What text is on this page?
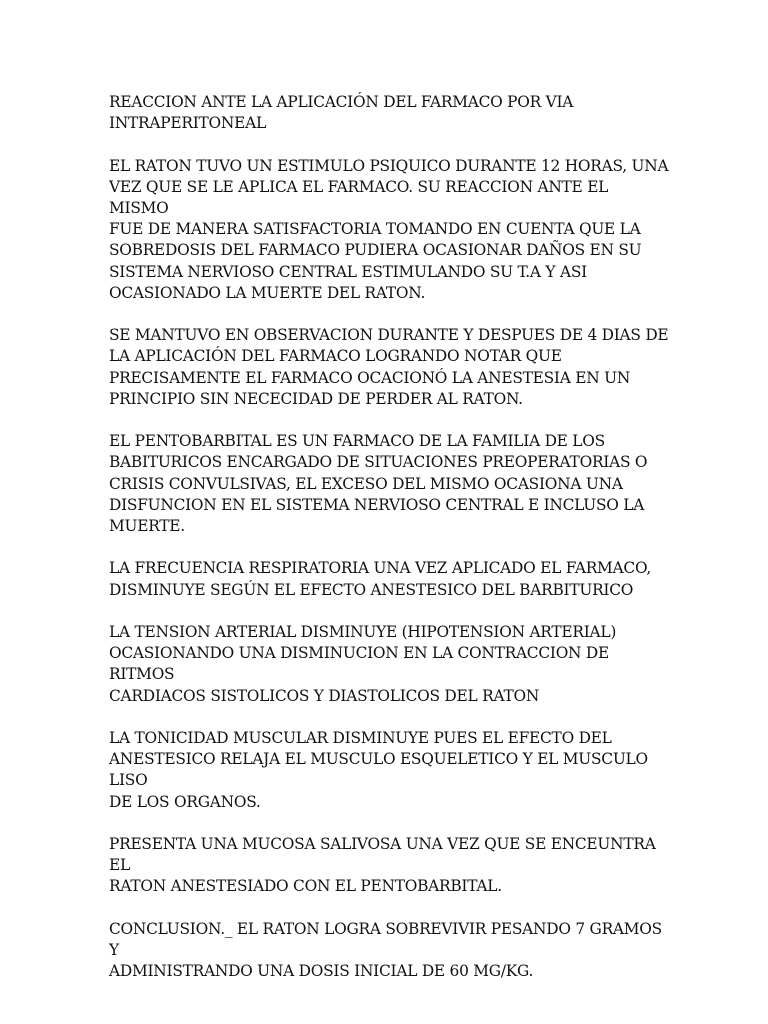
REACCION ANTE LA APLICACIÓN DEL FARMACO POR VIA
INTRAPERITONEAL

EL RATON TUVO UN ESTIMULO PSIQUICO DURANTE 12 HORAS, UNA
VEZ QUE SE LE APLICA EL FARMACO. SU REACCION ANTE EL MISMO
FUE DE MANERA SATISFACTORIA TOMANDO EN CUENTA QUE LA
SOBREDOSIS DEL FARMACO PUDIERA OCASIONAR DAÑOS EN SU
SISTEMA NERVIOSO CENTRAL ESTIMULANDO SU T.A Y ASI
OCASIONADO LA MUERTE DEL RATON.

SE MANTUVO EN OBSERVACION DURANTE Y DESPUES DE 4 DIAS DE
LA APLICACIÓN DEL FARMACO LOGRANDO NOTAR QUE
PRECISAMENTE EL FARMACO OCACIONÓ LA ANESTESIA EN UN
PRINCIPIO SIN NECECIDAD DE PERDER AL RATON.

EL PENTOBARBITAL ES UN FARMACO DE LA FAMILIA DE LOS
BABITURICOS ENCARGADO DE SITUACIONES PREOPERATORIAS O
CRISIS CONVULSIVAS, EL EXCESO DEL MISMO OCASIONA UNA
DISFUNCION EN EL SISTEMA NERVIOSO CENTRAL E INCLUSO LA
MUERTE.

LA FRECUENCIA RESPIRATORIA UNA VEZ APLICADO EL FARMACO,
DISMINUYE SEGÚN EL EFECTO ANESTESICO DEL BARBITURICO

LA TENSION ARTERIAL DISMINUYE (HIPOTENSION ARTERIAL)
OCASIONANDO UNA DISMINUCION EN LA CONTRACCION DE RITMOS
CARDIACOS SISTOLICOS Y DIASTOLICOS DEL RATON

LA TONICIDAD MUSCULAR DISMINUYE PUES EL EFECTO DEL
ANESTESICO RELAJA EL MUSCULO ESQUELETICO Y EL MUSCULO LISO
DE LOS ORGANOS.

PRESENTA UNA MUCOSA SALIVOSA UNA VEZ QUE SE ENCEUNTRA EL
RATON ANESTESIADO CON EL PENTOBARBITAL.

CONCLUSION._ EL RATON LOGRA SOBREVIVIR PESANDO 7 GRAMOS Y
ADMINISTRANDO UNA DOSIS INICIAL DE 60 MG/KG.
